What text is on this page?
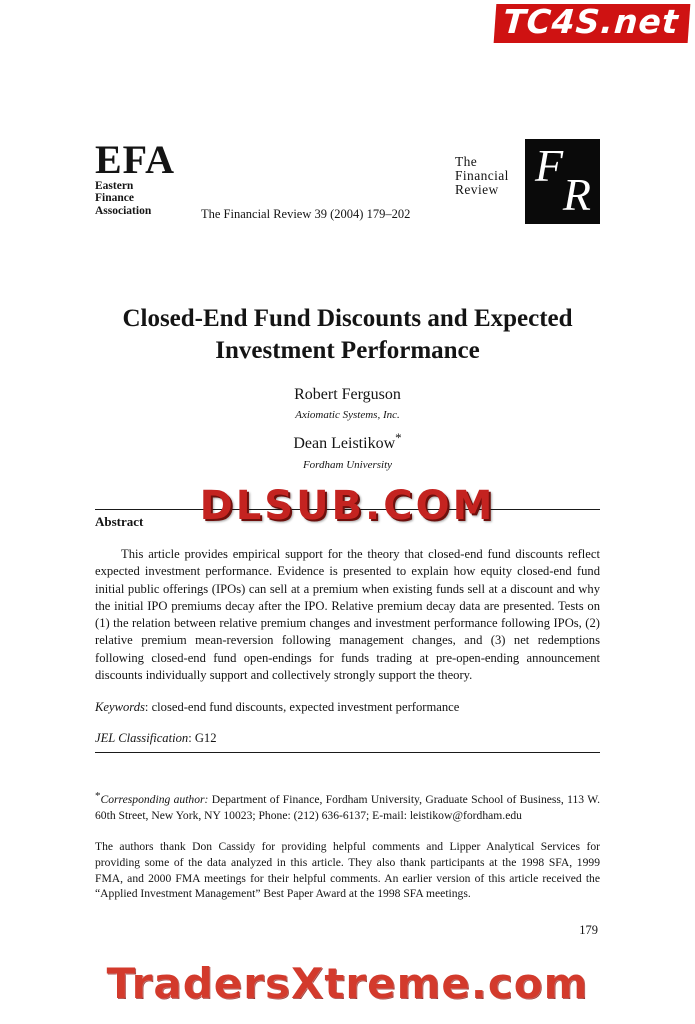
TC4S.net
DLSUB.COM
TradersXtreme.com
EFA
Eastern
Finance
Association	The Financial Review 39 (2004) 179–202
The
Financial
Review F
R
Closed-End Fund Discounts and Expected
Investment Performance
Robert Ferguson
Axiomatic Systems, Inc.
Dean Leistikow*
Fordham University
Abstract
This article provides empirical support for the theory that closed-end fund discounts reflect expected investment performance. Evidence is presented to explain how equity closed-end fund initial public offerings (IPOs) can sell at a premium when existing funds sell at a discount and why the initial IPO premiums decay after the IPO. Relative premium decay data are presented. Tests on (1) the relation between relative premium changes and investment performance following IPOs, (2) relative premium mean-reversion following management changes, and (3) net redemptions following closed-end fund open-endings for funds trading at pre-open-ending announcement discounts individually support and collectively strongly support the theory.
Keywords: closed-end fund discounts, expected investment performance
JEL Classification: G12
*Corresponding author: Department of Finance, Fordham University, Graduate School of Business, 113 W. 60th Street, New York, NY 10023; Phone: (212) 636-6137; E-mail: leistikow@fordham.edu
The authors thank Don Cassidy for providing helpful comments and Lipper Analytical Services for providing some of the data analyzed in this article. They also thank participants at the 1998 SFA, 1999 FMA, and 2000 FMA meetings for their helpful comments. An earlier version of this article received the “Applied Investment Management” Best Paper Award at the 1998 SFA meetings.
179
